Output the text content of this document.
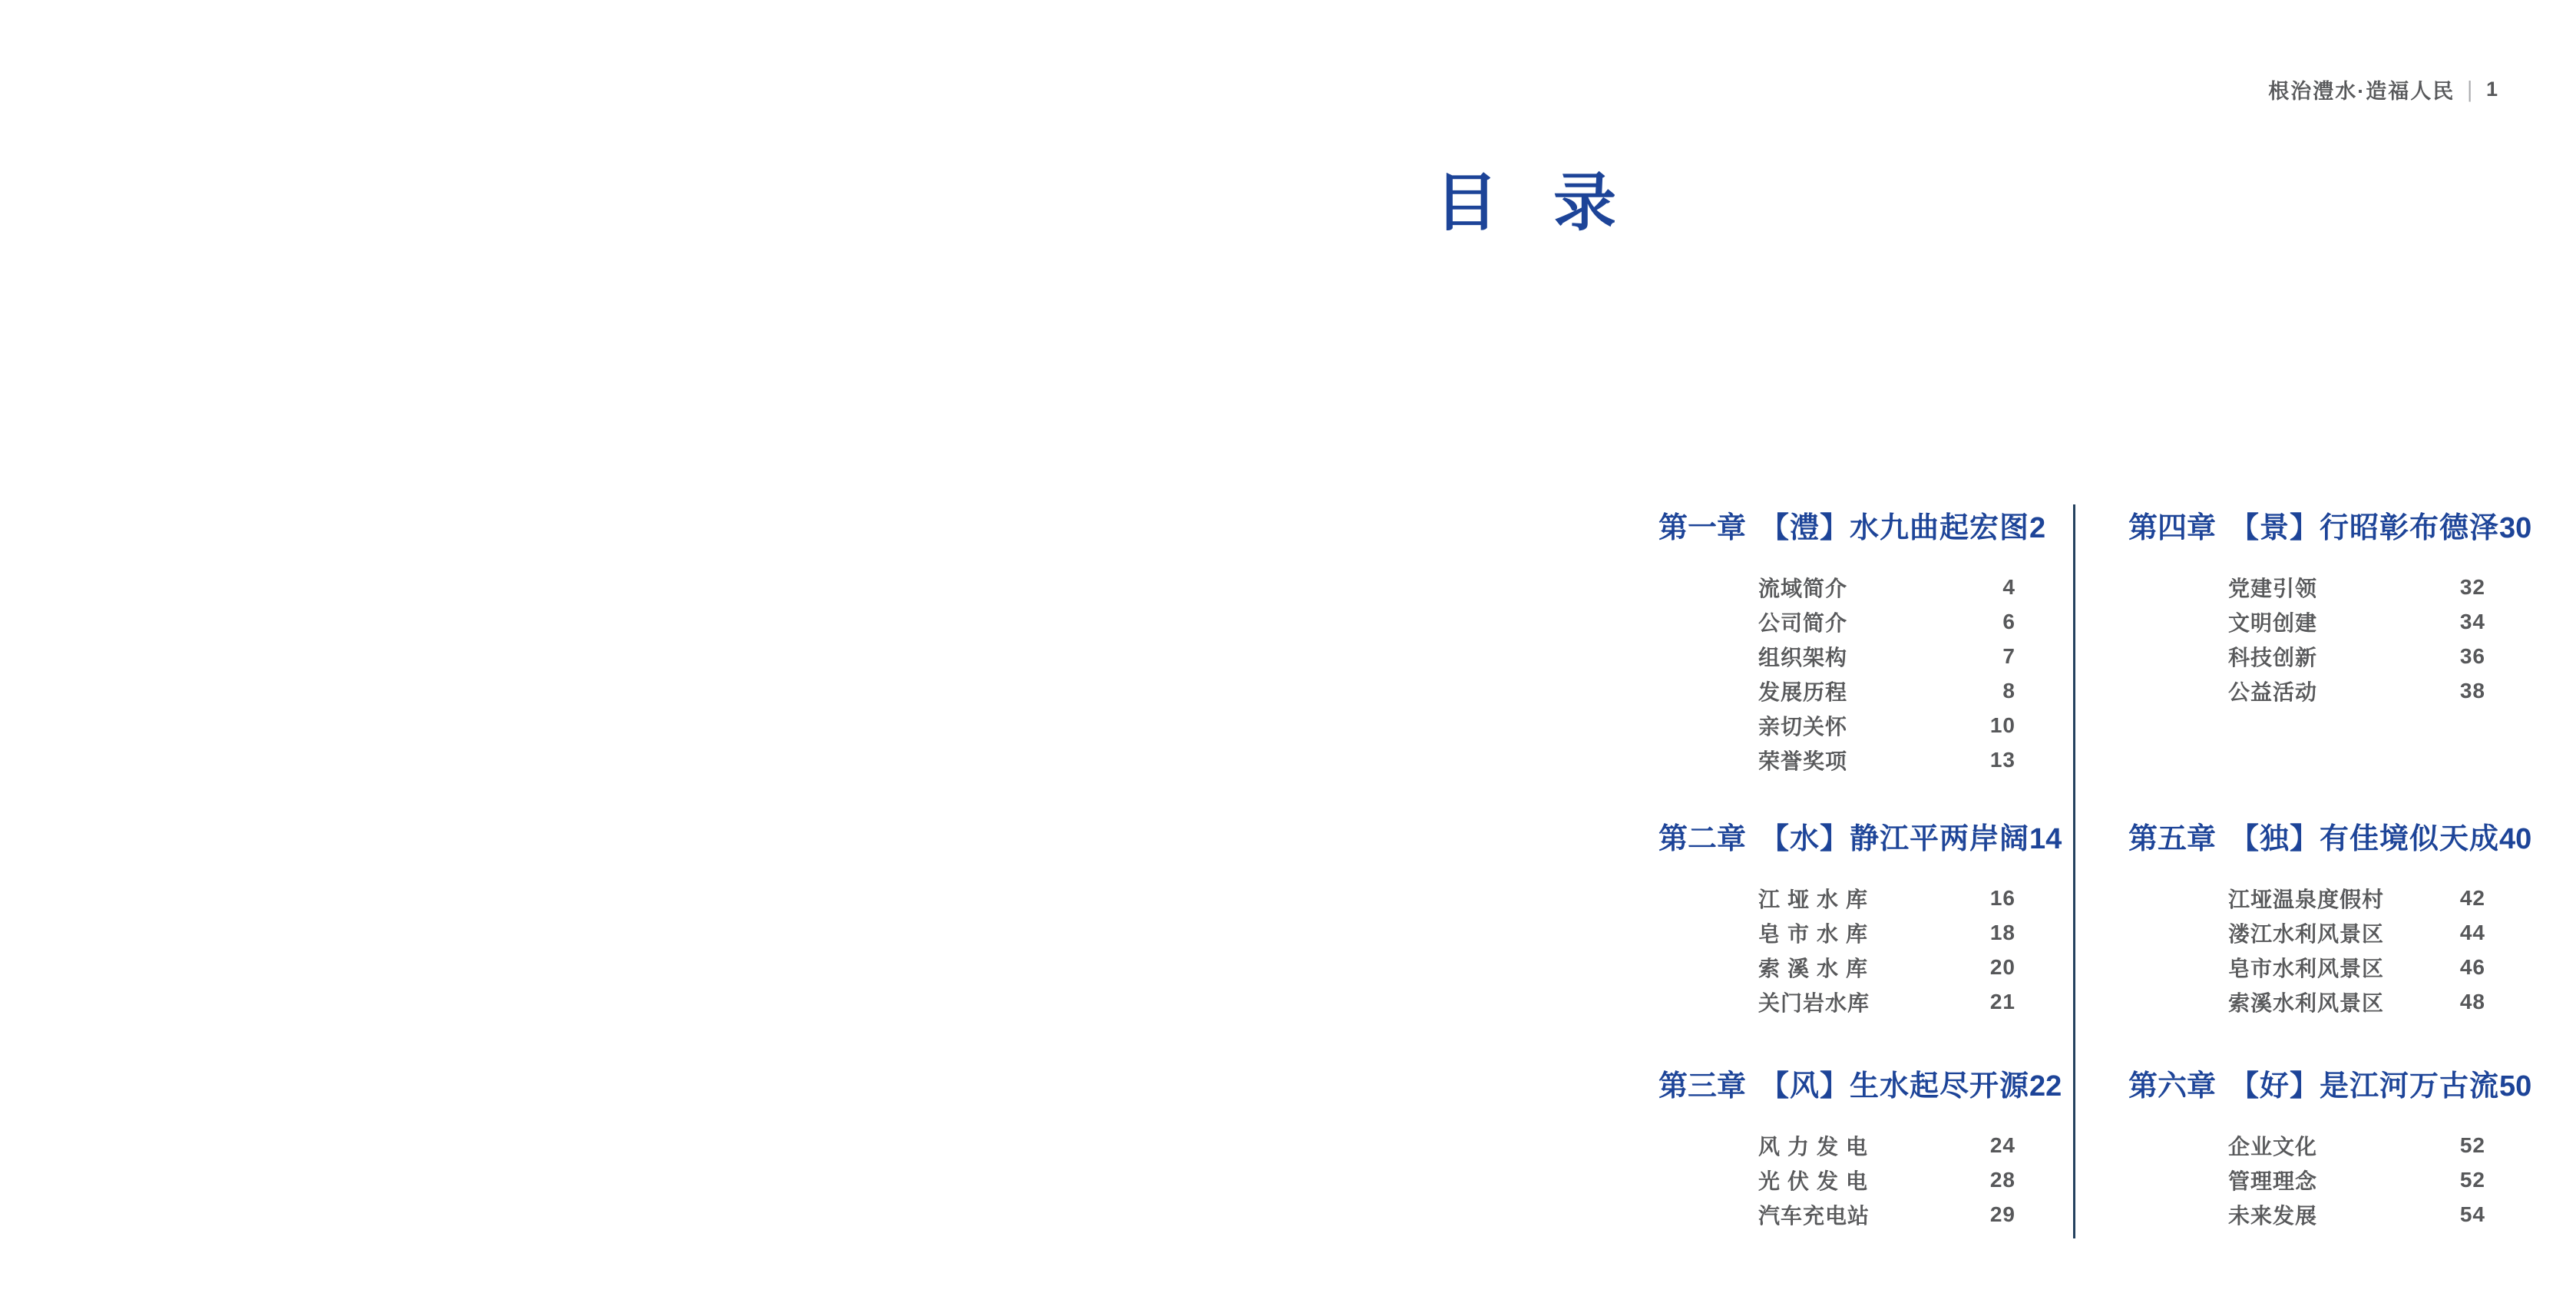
根治澧水·造福人民 | 1
目 录
第一章 【澧】水九曲起宏图 2
流域简介	4
公司简介	6
组织架构	7
发展历程	8
亲切关怀	10
荣誉奖项	13
第二章 【水】静江平两岸阔 14
江垭水库	16
皂市水库	18
索溪水库	20
关门岩水库	21
第三章 【风】生水起尽开源 22
风力发电	24
光伏发电	28
汽车充电站	29
第四章 【景】行昭彰布德泽 30
党建引领	32
文明创建	34
科技创新	36
公益活动	38
第五章 【独】有佳境似天成 40
江垭温泉度假村	42
溇江水利风景区	44
皂市水利风景区	46
索溪水利风景区	48
第六章 【好】是江河万古流 50
企业文化	52
管理理念	52
未来发展	54
